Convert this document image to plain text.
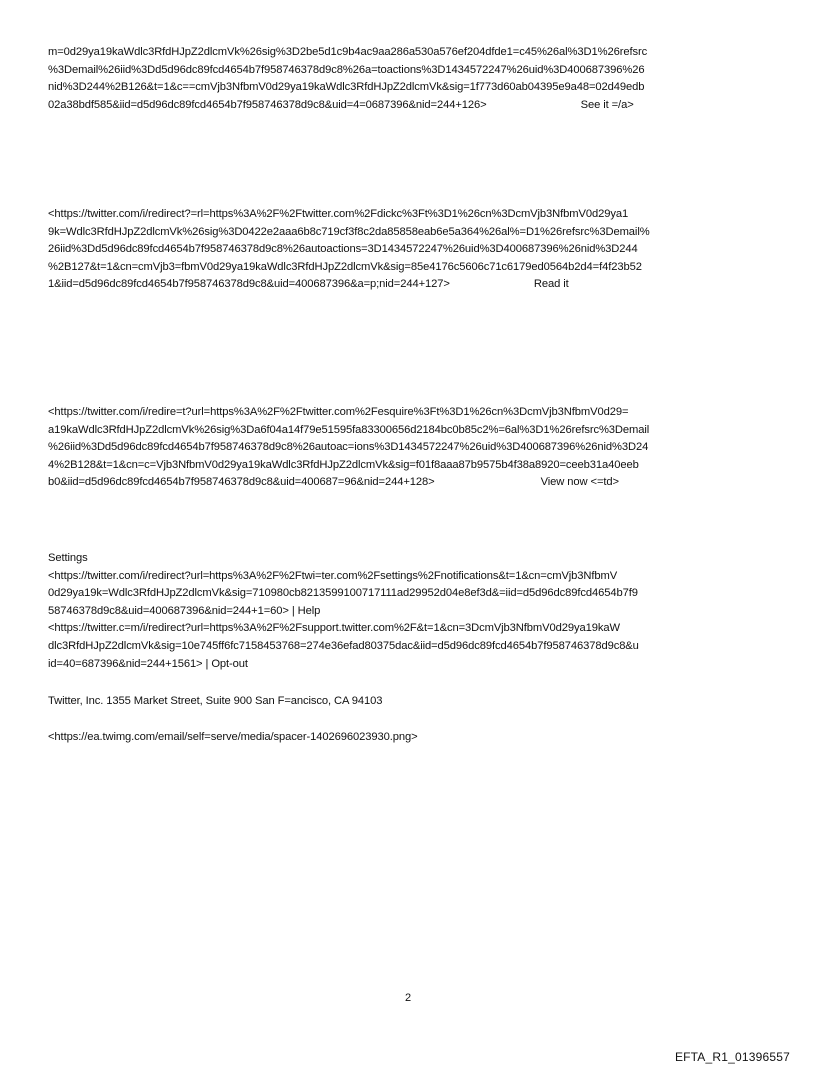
m=0d29ya19kaWdlc3RfdHJpZ2dlcmVk%26sig%3D2be5d1c9b4ac9aa286a530a576ef204dfde1=c45%26al%3D1%26refsrc
%3Demail%26iid%3Dd5d96dc89fcd4654b7f958746378d9c8%26a=toactions%3D1434572247%26uid%3D400687396%26
nid%3D244%2B126&t=1&c==cmVjb3NfbmV0d29ya19kaWdlc3RfdHJpZ2dlcmVk&sig=1f773d60ab04395e9a48=02d49edb
02a38bdf585&iid=d5d96dc89fcd4654b7f958746378d9c8&uid=4=0687396&nid=244+126>	See it =/a>
<https://twitter.com/i/redirect?=rl=https%3A%2F%2Ftwitter.com%2Fdickc%3Ft%3D1%26cn%3DcmVjb3NfbmV0d29ya1
9k=Wdlc3RfdHJpZ2dlcmVk%26sig%3D0422e2aaa6b8c719cf3f8c2da85858eab6e5a364%26al%=D1%26refsrc%3Demail%
26iid%3Dd5d96dc89fcd4654b7f958746378d9c8%26autoactions=3D1434572247%26uid%3D400687396%26nid%3D244
%2B127&t=1&cn=cmVjb3=fbmV0d29ya19kaWdlc3RfdHJpZ2dlcmVk&sig=85e4176c5606c71c6179ed0564b2d4=f4f23b52
1&iid=d5d96dc89fcd4654b7f958746378d9c8&uid=400687396&a=p;nid=244+127>	Read it
<https://twitter.com/i/redire=t?url=https%3A%2F%2Ftwitter.com%2Fesquire%3Ft%3D1%26cn%3DcmVjb3NfbmV0d29=
a19kaWdlc3RfdHJpZ2dlcmVk%26sig%3Da6f04a14f79e51595fa83300656d2184bc0b85c2%=6al%3D1%26refsrc%3Demail
%26iid%3Dd5d96dc89fcd4654b7f958746378d9c8%26autoac=ions%3D1434572247%26uid%3D400687396%26nid%3D24
4%2B128&t=1&cn=c=Vjb3NfbmV0d29ya19kaWdlc3RfdHJpZ2dlcmVk&sig=f01f8aaa87b9575b4f38a8920=ceeb31a40eeb
b0&iid=d5d96dc89fcd4654b7f958746378d9c8&uid=400687=96&nid=244+128>	View now <=td>
Settings
<https://twitter.com/i/redirect?url=https%3A%2F%2Ftwi=ter.com%2Fsettings%2Fnotifications&t=1&cn=cmVjb3NfbmV
0d29ya19k=Wdlc3RfdHJpZ2dlcmVk&sig=710980cb8213599100717111ad29952d04e8ef3d&=iid=d5d96dc89fcd4654b7f9
58746378d9c8&uid=400687396&nid=244+1=60> | Help
<https://twitter.c=m/i/redirect?url=https%3A%2F%2Fsupport.twitter.com%2F&t=1&cn=3DcmVjb3NfbmV0d29ya19kaW
dlc3RfdHJpZ2dlcmVk&sig=10e745ff6fc7158453768=274e36efad80375dac&iid=d5d96dc89fcd4654b7f958746378d9c8&u
id=40=687396&nid=244+1561> | Opt-out
Twitter, Inc. 1355 Market Street, Suite 900 San F=ancisco, CA 94103
<https://ea.twimg.com/email/self=serve/media/spacer-1402696023930.png>
2
EFTA_R1_01396557
